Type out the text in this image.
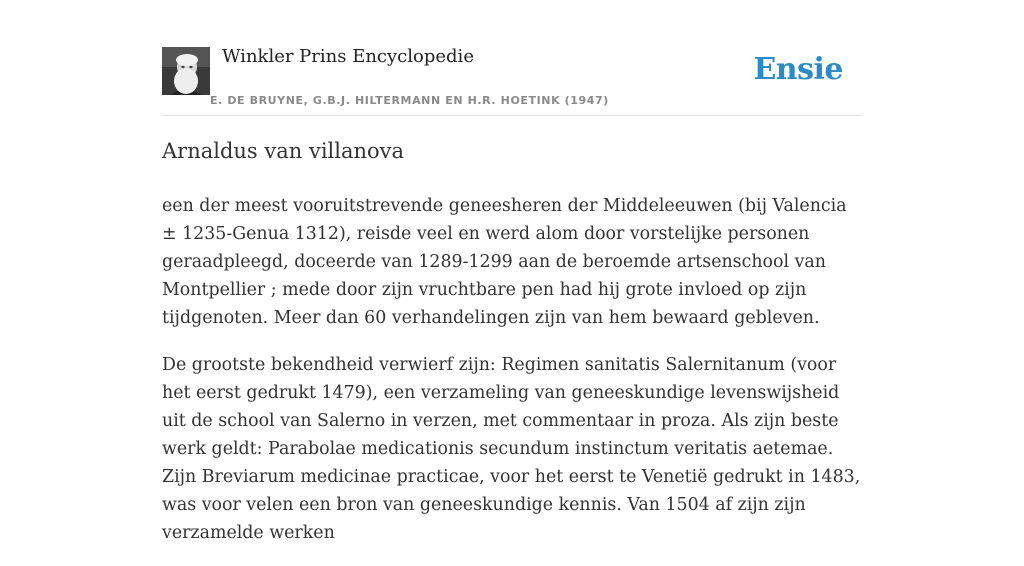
Winkler Prins Encyclopedie
E. DE BRUYNE, G.B.J. HILTERMANN EN H.R. HOETINK (1947)
Ensie
Arnaldus van villanova

een der meest vooruitstrevende geneesheren der Middeleeuwen (bij Valencia ± 1235-Genua 1312), reisde veel en werd alom door vorstelijke personen geraadpleegd, doceerde van 1289-1299 aan de beroemde artsenschool van Montpellier ; mede door zijn vruchtbare pen had hij grote invloed op zijn tijdgenoten. Meer dan 60 verhandelingen zijn van hem bewaard gebleven.

De grootste bekendheid verwierf zijn: Regimen sanitatis Salernitanum (voor het eerst gedrukt 1479), een verzameling van geneeskundige levenswijsheid uit de school van Salerno in verzen, met commentaar in proza. Als zijn beste werk geldt: Parabolae medicationis secundum instinctum veritatis aetemae. Zijn Breviarum medicinae practicae, voor het eerst te Venetië gedrukt in 1483, was voor velen een bron van geneeskundige kennis. Van 1504 af zijn zijn verzamelde werken
